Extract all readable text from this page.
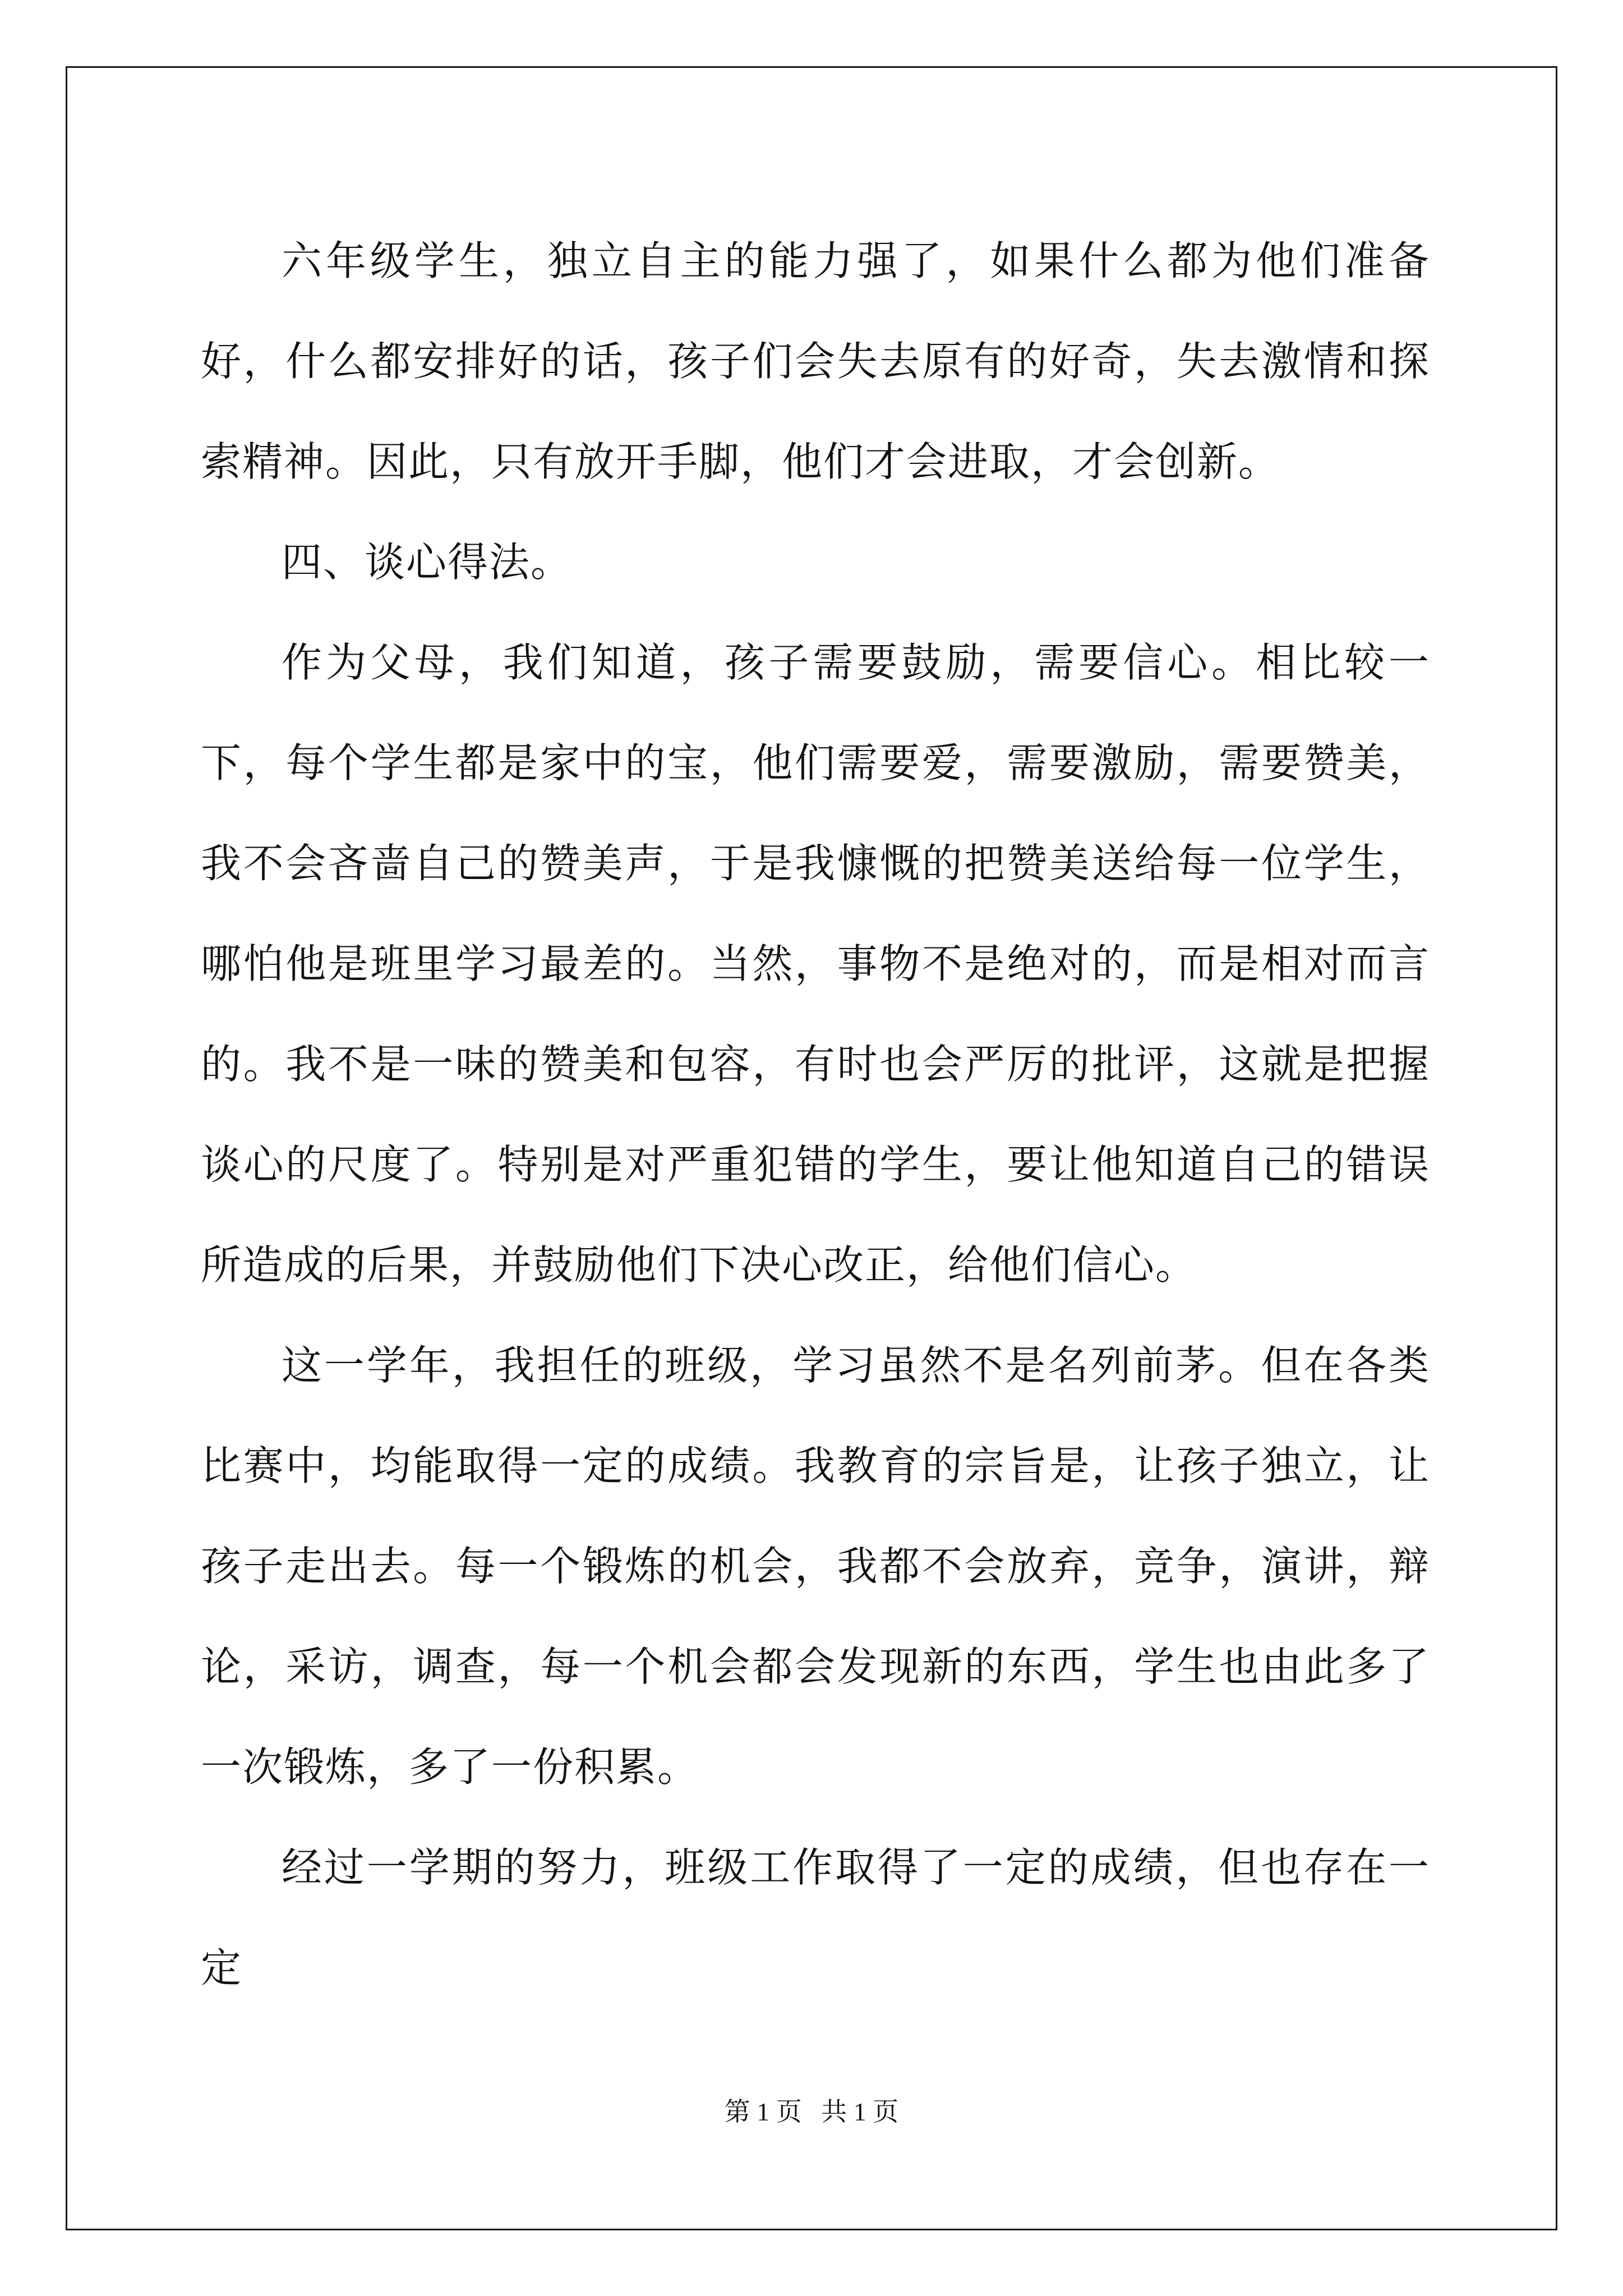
六年级学生，独立自主的能力强了，如果什么都为他们准备好，什么都安排好的话，孩子们会失去原有的好奇，失去激情和探索精神。因此，只有放开手脚，他们才会进取，才会创新。

四、谈心得法。

作为父母，我们知道，孩子需要鼓励，需要信心。相比较一下，每个学生都是家中的宝，他们需要爱，需要激励，需要赞美，我不会吝啬自己的赞美声，于是我慷慨的把赞美送给每一位学生，哪怕他是班里学习最差的。当然，事物不是绝对的，而是相对而言的。我不是一味的赞美和包容，有时也会严厉的批评，这就是把握谈心的尺度了。特别是对严重犯错的学生，要让他知道自己的错误所造成的后果，并鼓励他们下决心改正，给他们信心。

这一学年，我担任的班级，学习虽然不是名列前茅。但在各类比赛中，均能取得一定的成绩。我教育的宗旨是，让孩子独立，让孩子走出去。每一个锻炼的机会，我都不会放弃，竞争，演讲，辩论，采访，调查，每一个机会都会发现新的东西，学生也由此多了一次锻炼，多了一份积累。

经过一学期的努力，班级工作取得了一定的成绩，但也存在一定

第 1 页   共 1 页
